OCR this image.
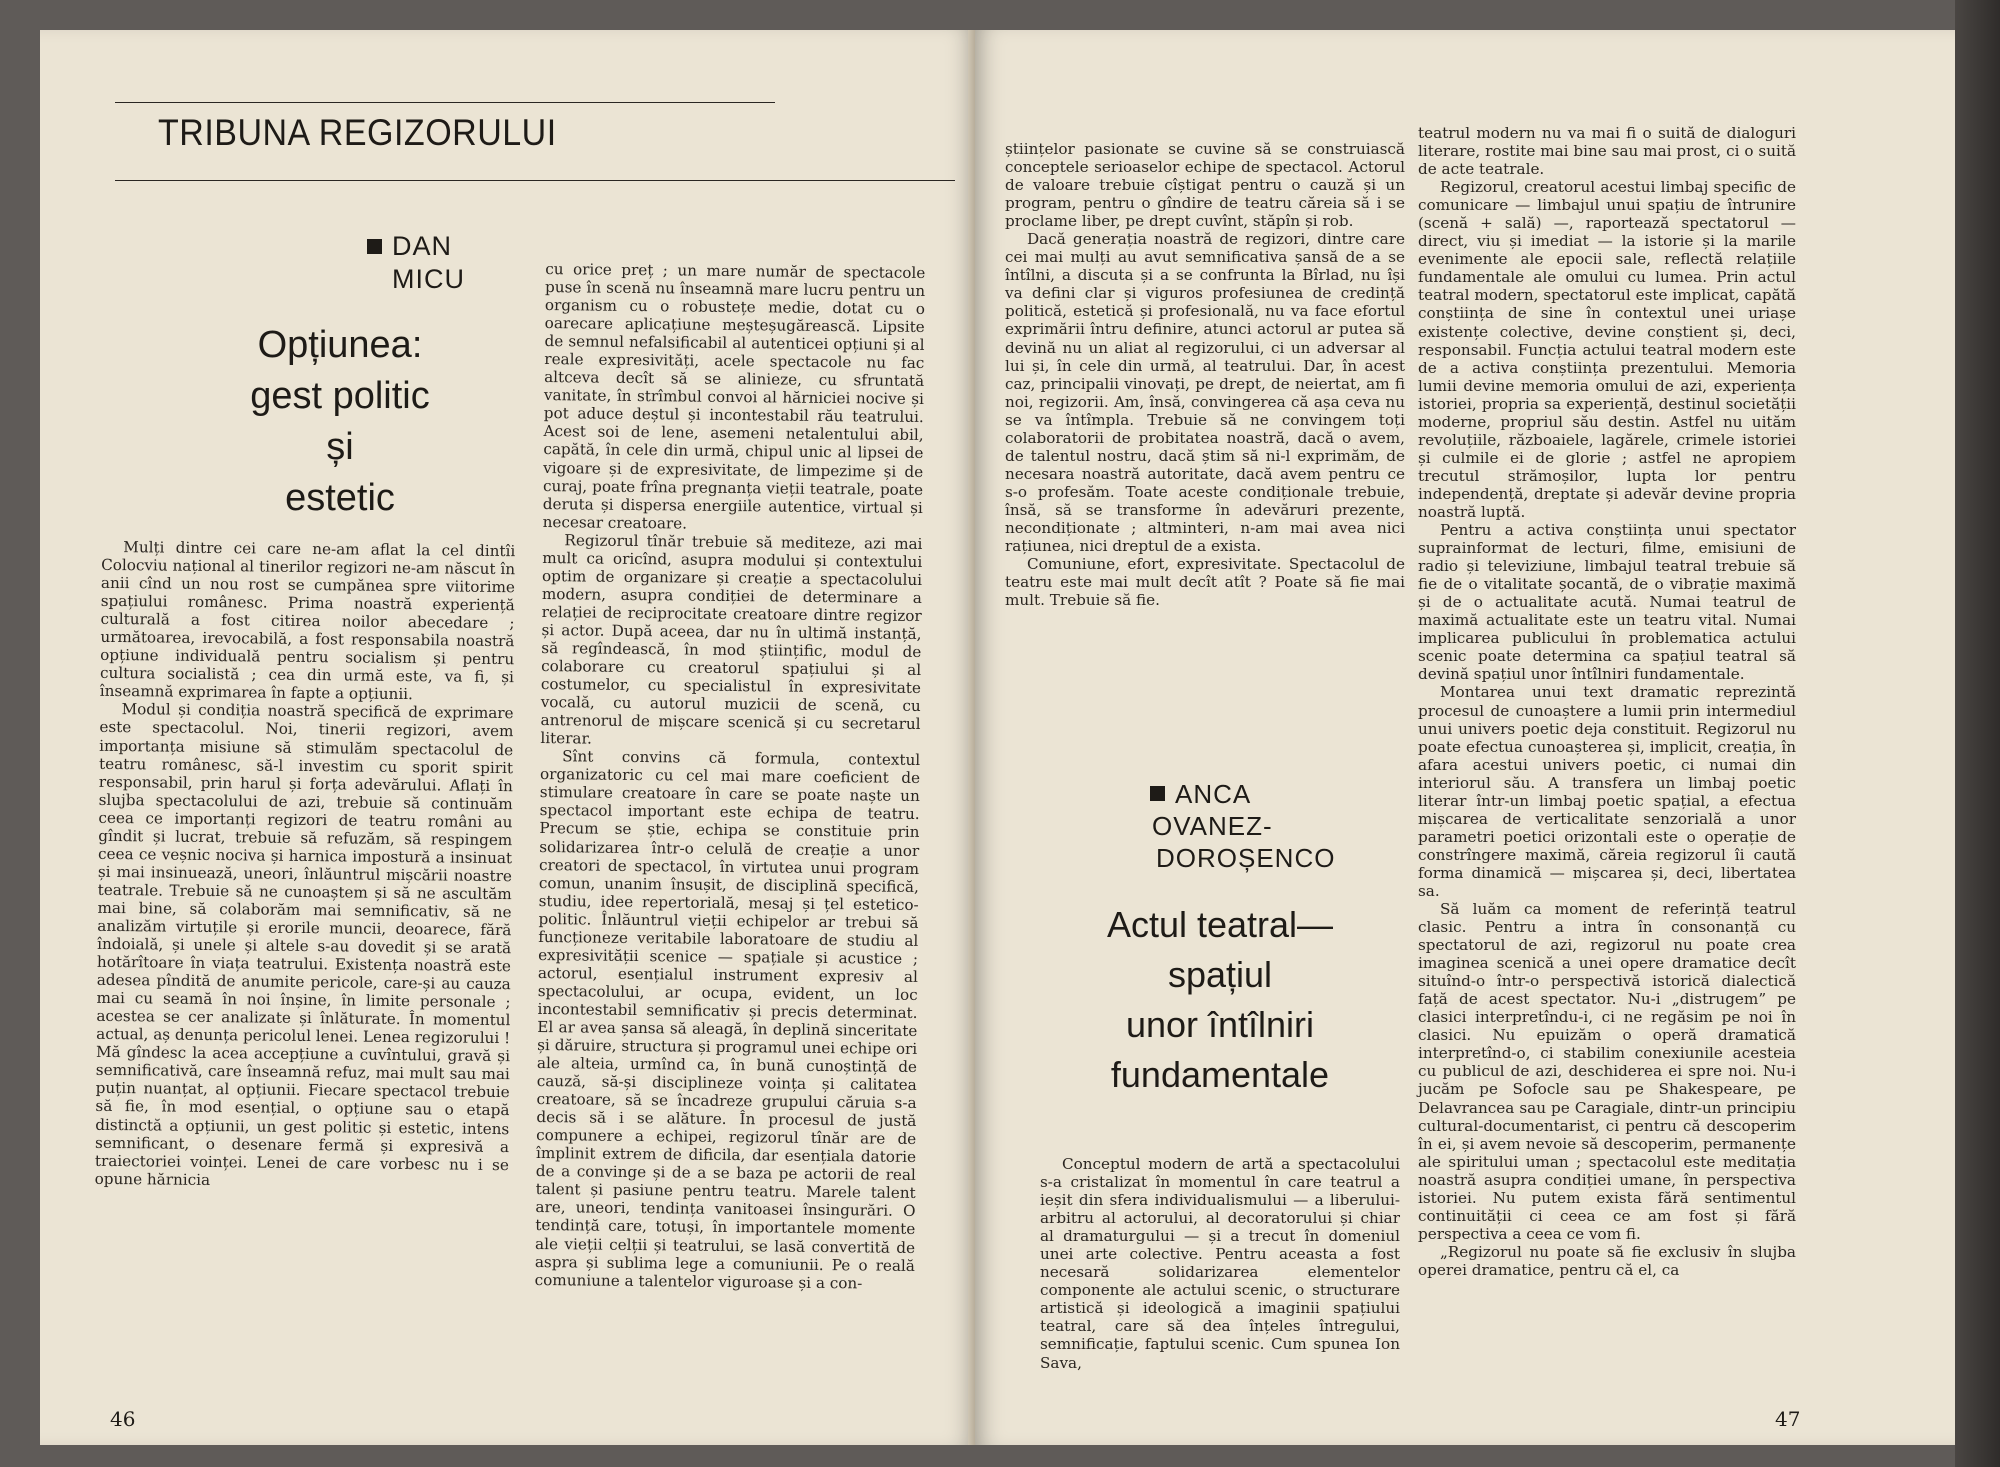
TRIBUNA REGIZORULUI
DAN MICU
Opțiunea:
gest politic
și
estetic

Mulți dintre cei care ne-am aflat la cel dintîi Colocviu național al tinerilor regizori ne-am născut în anii cînd un nou rost se cumpănea spre viitorime spațiului românesc. Prima noastră experiență culturală a fost citirea noilor abecedare ; următoarea, irevocabilă, a fost responsabila noastră opțiune individuală pentru socialism și pentru cultura socialistă ; cea din urmă este, va fi, și înseamnă exprimarea în fapte a opțiunii.

Modul și condiția noastră specifică de exprimare este spectacolul. Noi, tinerii regizori, avem importanța misiune să stimulăm spectacolul de teatru românesc, să-l investim cu sporit spirit responsabil, prin harul și forța adevărului. Aflați în slujba spectacolului de azi, trebuie să continuăm ceea ce importanți regizori de teatru români au gîndit și lucrat, trebuie să refuzăm, să respingem ceea ce veșnic nociva și harnica impostură a insinuat și mai insinuează, uneori, înlăuntrul mișcării noastre teatrale. Trebuie să ne cunoaștem și să ne ascultăm mai bine, să colaborăm mai semnificativ, să ne analizăm virtuțile și erorile muncii, deoarece, fără îndoială, și unele și altele s-au dovedit și se arată hotărîtoare în viața teatrului. Existența noastră este adesea pîndită de anumite pericole, care-și au cauza mai cu seamă în noi înșine, în limite personale ; acestea se cer analizate și înlăturate. În momentul actual, aș denunța pericolul lenei. Lenea regizorului ! Mă gîndesc la acea accepțiune a cuvîntului, gravă și semnificativă, care înseamnă refuz, mai mult sau mai puțin nuanțat, al opțiunii. Fiecare spectacol trebuie să fie, în mod esențial, o opțiune sau o etapă distinctă a opțiunii, un gest politic și estetic, intens semnificant, o desenare fermă și expresivă a traiectoriei voinței. Lenei de care vorbesc nu i se opune hărnicia

cu orice preț ; un mare număr de spectacole puse în scenă nu înseamnă mare lucru pentru un organism cu o robustețe medie, dotat cu o oarecare aplicațiune meșteșugărească. Lipsite de semnul nefalsificabil al autenticei opțiuni și al reale expresivități, acele spectacole nu fac altceva decît să se alinieze, cu sfruntată vanitate, în strîmbul convoi al hărniciei nocive și pot aduce deștul și incontestabil rău teatrului. Acest soi de lene, asemeni netalentului abil, capătă, în cele din urmă, chipul unic al lipsei de vigoare și de expresivitate, de limpezime și de curaj, poate frîna pregnanța vieții teatrale, poate deruta și dispersa energiile autentice, virtual și necesar creatoare.

Regizorul tînăr trebuie să mediteze, azi mai mult ca oricînd, asupra modului și contextului optim de organizare și creație a spectacolului modern, asupra condiției de determinare a relației de reciprocitate creatoare dintre regizor și actor. După aceea, dar nu în ultimă instanță, să regîndească, în mod științific, modul de colaborare cu creatorul spațiului și al costumelor, cu specialistul în expresivitate vocală, cu autorul muzicii de scenă, cu antrenorul de mișcare scenică și cu secretarul literar.

Sînt convins că formula, contextul organizatoric cu cel mai mare coeficient de stimulare creatoare în care se poate naște un spectacol important este echipa de teatru. Precum se știe, echipa se constituie prin solidarizarea într-o celulă de creație a unor creatori de spectacol, în virtutea unui program comun, unanim însușit, de disciplină specifică, studiu, idee repertorială, mesaj și țel estetico-politic. Înlăuntrul vieții echipelor ar trebui să funcționeze veritabile laboratoare de studiu al expresivității scenice — spațiale și acustice ; actorul, esențialul instrument expresiv al spectacolului, ar ocupa, evident, un loc incontestabil semnificativ și precis determinat. El ar avea șansa să aleagă, în deplină sinceritate și dăruire, structura și programul unei echipe ori ale alteia, urmînd ca, în bună cunoștință de cauză, să-și disciplineze voința și calitatea creatoare, să se încadreze grupului căruia s-a decis să i se alăture. În procesul de justă compunere a echipei, regizorul tînăr are de împlinit extrem de dificila, dar esențiala datorie de a convinge și de a se baza pe actorii de real talent și pasiune pentru teatru. Marele talent are, uneori, tendința vanitoasei însingurări. O tendință care, totuși, în importantele momente ale vieții celții și teatrului, se lasă convertită de aspra și sublima lege a comuniunii. Pe o reală comuniune a talentelor viguroase și a con-

46

științelor pasionate se cuvine să se construiască conceptele serioaselor echipe de spectacol. Actorul de valoare trebuie cîștigat pentru o cauză și un program, pentru o gîndire de teatru căreia să i se proclame liber, pe drept cuvînt, stăpîn și rob.

Dacă generația noastră de regizori, dintre care cei mai mulți au avut semnificativa șansă de a se întîlni, a discuta și a se confrunta la Bîrlad, nu își va defini clar și viguros profesiunea de credință politică, estetică și profesională, nu va face efortul exprimării întru definire, atunci actorul ar putea să devină nu un aliat al regizorului, ci un adversar al lui și, în cele din urmă, al teatrului. Dar, în acest caz, principalii vinovați, pe drept, de neiertat, am fi noi, regizorii. Am, însă, convingerea că așa ceva nu se va întîmpla. Trebuie să ne convingem toți colaboratorii de probitatea noastră, dacă o avem, de talentul nostru, dacă știm să ni-l exprimăm, de necesara noastră autoritate, dacă avem pentru ce s-o profesăm. Toate aceste condiționale trebuie, însă, să se transforme în adevăruri prezente, necondiționate ; altminteri, n-am mai avea nici rațiunea, nici dreptul de a exista.

Comuniune, efort, expresivitate. Spectacolul de teatru este mai mult decît atît ? Poate să fie mai mult. Trebuie să fie.

ANCA
OVANEZ-
DOROȘENCO
Actul teatral—
spațiul
unor întîlniri
fundamentale

Conceptul modern de artă a spectacolului s-a cristalizat în momentul în care teatrul a ieșit din sfera individualismului — a liberului-arbitru al actorului, al decoratorului și chiar al dramaturgului — și a trecut în domeniul unei arte colective. Pentru aceasta a fost necesară solidarizarea elementelor componente ale actului scenic, o structurare artistică și ideologică a imaginii spațiului teatral, care să dea înțeles întregului, semnificație, faptului scenic. Cum spunea Ion Sava,

teatrul modern nu va mai fi o suită de dialoguri literare, rostite mai bine sau mai prost, ci o suită de acte teatrale.

Regizorul, creatorul acestui limbaj specific de comunicare — limbajul unui spațiu de întrunire (scenă + sală) —, raportează spectatorul — direct, viu și imediat — la istorie și la marile evenimente ale epocii sale, reflectă relațiile fundamentale ale omului cu lumea. Prin actul teatral modern, spectatorul este implicat, capătă conștiința de sine în contextul unei uriașe existențe colective, devine conștient și, deci, responsabil. Funcția actului teatral modern este de a activa conștiința prezentului. Memoria lumii devine memoria omului de azi, experiența istoriei, propria sa experiență, destinul societății moderne, propriul său destin. Astfel nu uităm revoluțiile, războaiele, lagărele, crimele istoriei și culmile ei de glorie ; astfel ne apropiem trecutul strămoșilor, lupta lor pentru independență, dreptate și adevăr devine propria noastră luptă.

Pentru a activa conștiința unui spectator suprainformat de lecturi, filme, emisiuni de radio și televiziune, limbajul teatral trebuie să fie de o vitalitate șocantă, de o vibrație maximă și de o actualitate acută. Numai teatrul de maximă actualitate este un teatru vital. Numai implicarea publicului în problematica actului scenic poate determina ca spațiul teatral să devină spațiul unor întîlniri fundamentale.

Montarea unui text dramatic reprezintă procesul de cunoaștere a lumii prin intermediul unui univers poetic deja constituit. Regizorul nu poate efectua cunoașterea și, implicit, creația, în afara acestui univers poetic, ci numai din interiorul său. A transfera un limbaj poetic literar într-un limbaj poetic spațial, a efectua mișcarea de verticalitate senzorială a unor parametri poetici orizontali este o operație de constrîngere maximă, căreia regizorul îi caută forma dinamică — mișcarea și, deci, libertatea sa.

Să luăm ca moment de referință teatrul clasic. Pentru a intra în consonanță cu spectatorul de azi, regizorul nu poate crea imaginea scenică a unei opere dramatice decît situînd-o într-o perspectivă istorică dialectică față de acest spectator. Nu-i „distrugem” pe clasici interpretîndu-i, ci ne regăsim pe noi în clasici. Nu epuizăm o operă dramatică interpretînd-o, ci stabilim conexiunile acesteia cu publicul de azi, deschiderea ei spre noi. Nu-i jucăm pe Sofocle sau pe Shakespeare, pe Delavrancea sau pe Caragiale, dintr-un principiu cultural-documentarist, ci pentru că descoperim în ei, și avem nevoie să descoperim, permanențe ale spiritului uman ; spectacolul este meditația noastră asupra condiției umane, în perspectiva istoriei. Nu putem exista fără sentimentul continuității ci ceea ce am fost și fără perspectiva a ceea ce vom fi.

„Regizorul nu poate să fie exclusiv în slujba operei dramatice, pentru că el, ca

47
